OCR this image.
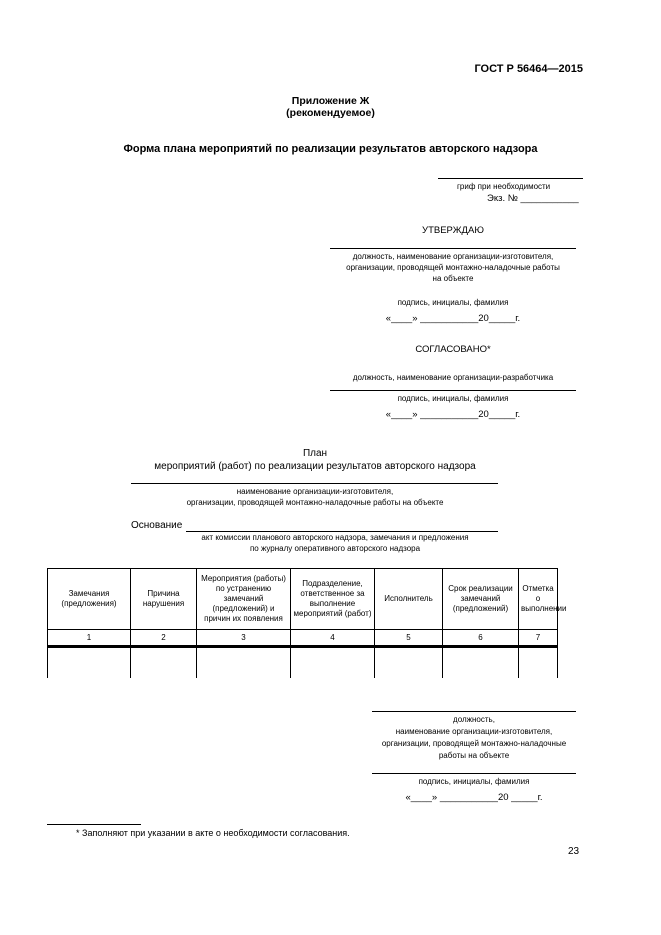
ГОСТ Р 56464—2015
Приложение Ж
(рекомендуемое)
Форма плана мероприятий по реализации результатов авторского надзора
гриф при необходимости
Экз. № ___________
УТВЕРЖДАЮ
должность, наименование организации-изготовителя,
организации, проводящей монтажно-наладочные работы
на объекте
подпись, инициалы, фамилия
«____» ___________20_____г.
СОГЛАСОВАНО*
должность, наименование организации-разработчика
подпись, инициалы, фамилия
«____» ___________20_____г.
План
мероприятий (работ) по реализации результатов авторского надзора
наименование организации-изготовителя,
организации, проводящей монтажно-наладочные работы на объекте
Основание
акт комиссии планового авторского надзора, замечания и предложения
по журналу оперативного авторского надзора
Замечания (предложения)	Причина нарушения	Мероприятия (работы) по устранению замечаний (предложений) и причин их появления	Подразделение, ответственное за выполнение мероприятий (работ)	Исполнитель	Срок реализации замечаний (предложений)	Отметка о выполнении
1	2	3	4	5	6	7

должность,
наименование организации-изготовителя,
организации, проводящей монтажно-наладочные
работы на объекте
подпись, инициалы, фамилия
«____» ___________20 _____г.
* Заполняют при указании в акте о необходимости согласования.
23
